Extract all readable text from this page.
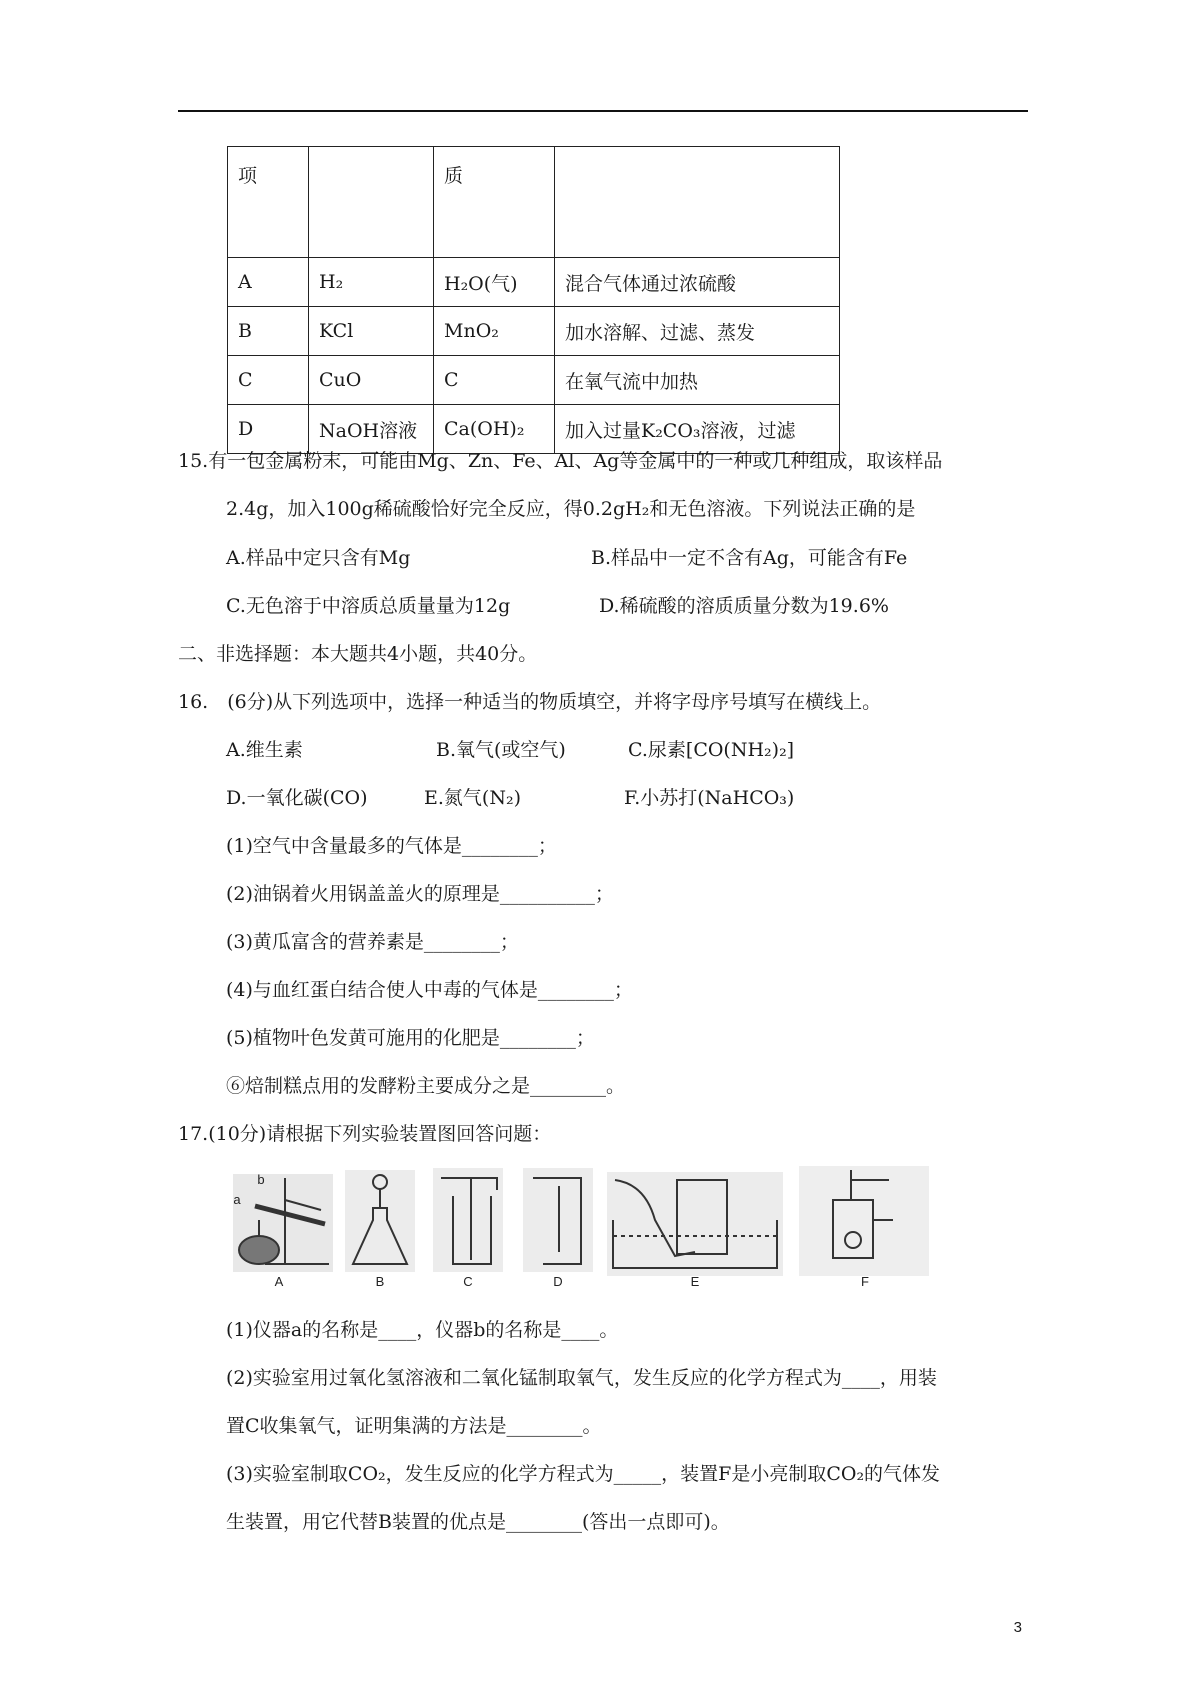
项		质	
A	H₂	H₂O(气)	混合气体通过浓硫酸
B	KCl	MnO₂	加水溶解、过滤、蒸发
C	CuO	C	在氧气流中加热
D	NaOH溶液	Ca(OH)₂	加入过量K₂CO₃溶液，过滤
15.有一包金属粉末，可能由Mg、Zn、Fe、Al、Ag等金属中的一种或几种组成，取该样品
2.4g，加入100g稀硫酸恰好完全反应，得0.2gH₂和无色溶液。下列说法正确的是
A.样品中定只含有Mg	B.样品中一定不含有Ag，可能含有Fe
C.无色溶于中溶质总质量量为12g	D.稀硫酸的溶质质量分数为19.6%
二、非选择题：本大题共4小题，共40分。
16.　(6分)从下列选项中，选择一种适当的物质填空，并将字母序号填写在横线上。
A.维生素	B.氧气(或空气)	C.尿素[CO(NH₂)₂]
D.一氧化碳(CO)	E.氮气(N₂)	F.小苏打(NaHCO₃)
(1)空气中含量最多的气体是________；
(2)油锅着火用锅盖盖火的原理是__________；
(3)黄瓜富含的营养素是________；
(4)与血红蛋白结合使人中毒的气体是________；
(5)植物叶色发黄可施用的化肥是________；
⑥焙制糕点用的发酵粉主要成分之是________。
17.(10分)请根据下列实验装置图回答问题：
a
b
A	B	C	D	E	F
(1)仪器a的名称是____，仪器b的名称是____。
(2)实验室用过氧化氢溶液和二氧化锰制取氧气，发生反应的化学方程式为____，用装
置C收集氧气，证明集满的方法是________。
(3)实验室制取CO₂，发生反应的化学方程式为_____，装置F是小亮制取CO₂的气体发
生装置，用它代替B装置的优点是________(答出一点即可)。
3
